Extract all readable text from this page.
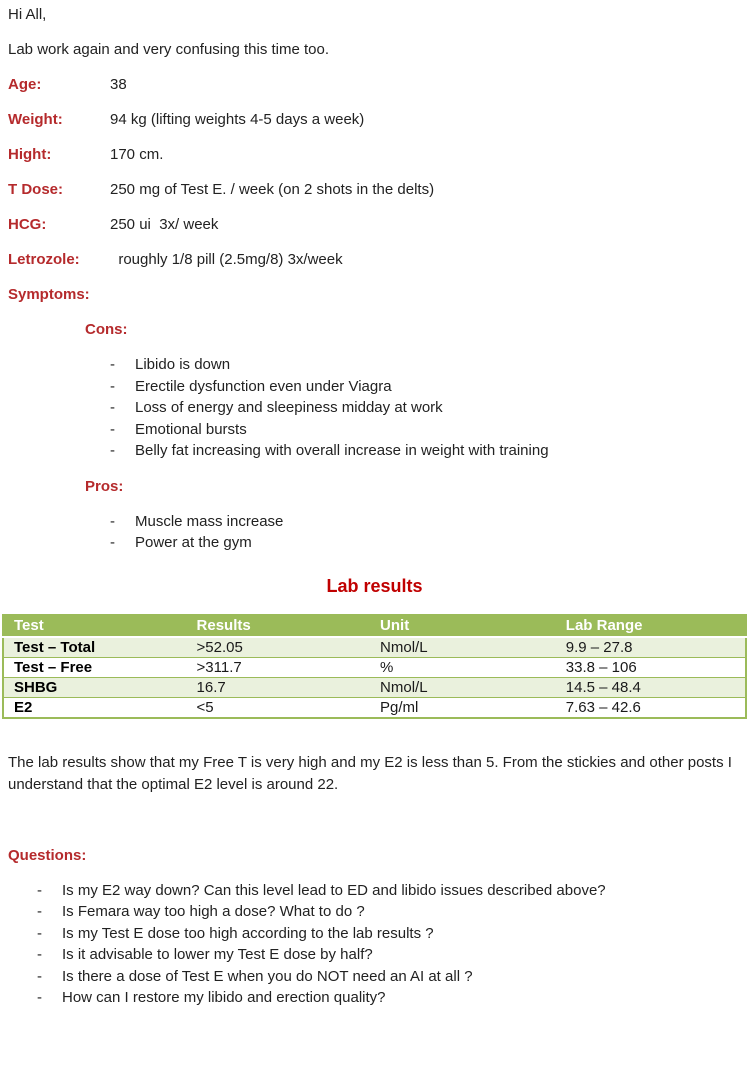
Hi All,

Lab work again and very confusing this time too.

Age:	38
Weight:	94 kg (lifting weights 4-5 days a week)
Hight:	170 cm.
T Dose:	250 mg of Test E. / week (on 2 shots in the delts)
HCG:	250 ui  3x/ week
Letrozole:	roughly 1/8 pill (2.5mg/8) 3x/week

Symptoms:

Cons:

-	Libido is down
-	Erectile dysfunction even under Viagra
-	Loss of energy and sleepiness midday at work
-	Emotional bursts
-	Belly fat increasing with overall increase in weight with training

Pros:

-	Muscle mass increase
-	Power at the gym
Lab results
Test	Results	Unit	Lab Range
Test – Total	>52.05	Nmol/L	9.9 – 27.8
Test – Free	>311.7	%	33.8 – 106
SHBG	16.7	Nmol/L	14.5 – 48.4
E2	<5	Pg/ml	7.63 – 42.6

The lab results show that my Free T is very high and my E2 is less than 5. From the stickies and other posts I understand that the optimal E2 level is around 22.

Questions:

-	Is my E2 way down? Can this level lead to ED and libido issues described above?
-	Is Femara way too high a dose? What to do ?
-	Is my Test E dose too high according to the lab results ?
-	Is it advisable to lower my Test E dose by half?
-	Is there a dose of Test E when you do NOT need an AI at all ?
-	How can I restore my libido and erection quality?
